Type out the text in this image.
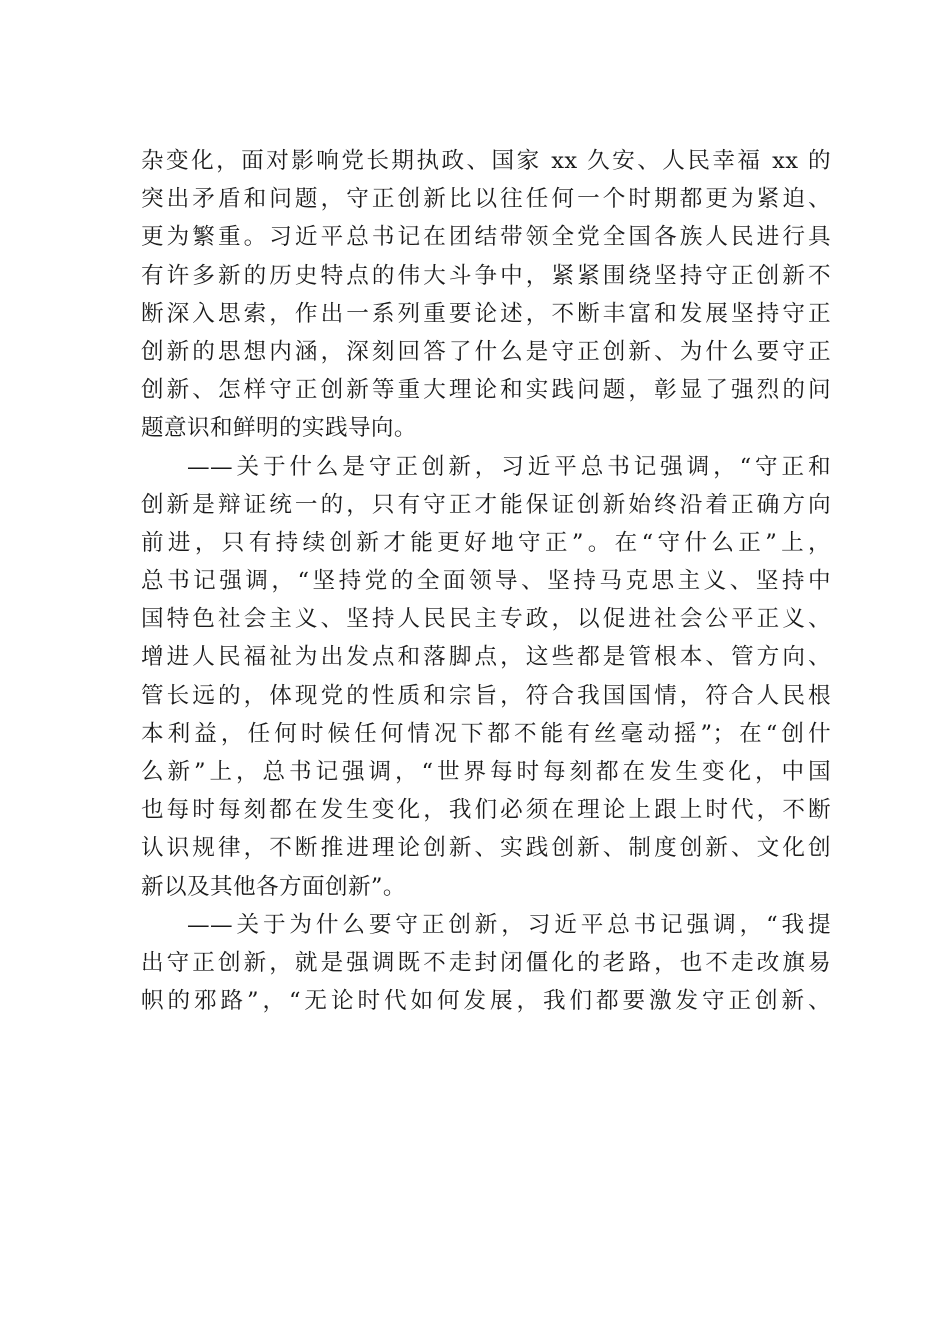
杂变化，面对影响党长期执政、国家 xx 久安、人民幸福 xx 的
突出矛盾和问题，守正创新比以往任何一个时期都更为紧迫、
更为繁重。习近平总书记在团结带领全党全国各族人民进行具
有许多新的历史特点的伟大斗争中，紧紧围绕坚持守正创新不
断深入思索，作出一系列重要论述，不断丰富和发展坚持守正
创新的思想内涵，深刻回答了什么是守正创新、为什么要守正
创新、怎样守正创新等重大理论和实践问题，彰显了强烈的问
题意识和鲜明的实践导向。
——关于什么是守正创新，习近平总书记强调，“守正和
创新是辩证统一的，只有守正才能保证创新始终沿着正确方向
前进，只有持续创新才能更好地守正”。在“守什么正”上，
总书记强调，“坚持党的全面领导、坚持马克思主义、坚持中
国特色社会主义、坚持人民民主专政，以促进社会公平正义、
增进人民福祉为出发点和落脚点，这些都是管根本、管方向、
管长远的，体现党的性质和宗旨，符合我国国情，符合人民根
本利益，任何时候任何情况下都不能有丝毫动摇”；在“创什
么新”上，总书记强调，“世界每时每刻都在发生变化，中国
也每时每刻都在发生变化，我们必须在理论上跟上时代，不断
认识规律，不断推进理论创新、实践创新、制度创新、文化创
新以及其他各方面创新”。
——关于为什么要守正创新，习近平总书记强调，“我提
出守正创新，就是强调既不走封闭僵化的老路，也不走改旗易
帜的邪路”，“无论时代如何发展，我们都要激发守正创新、
